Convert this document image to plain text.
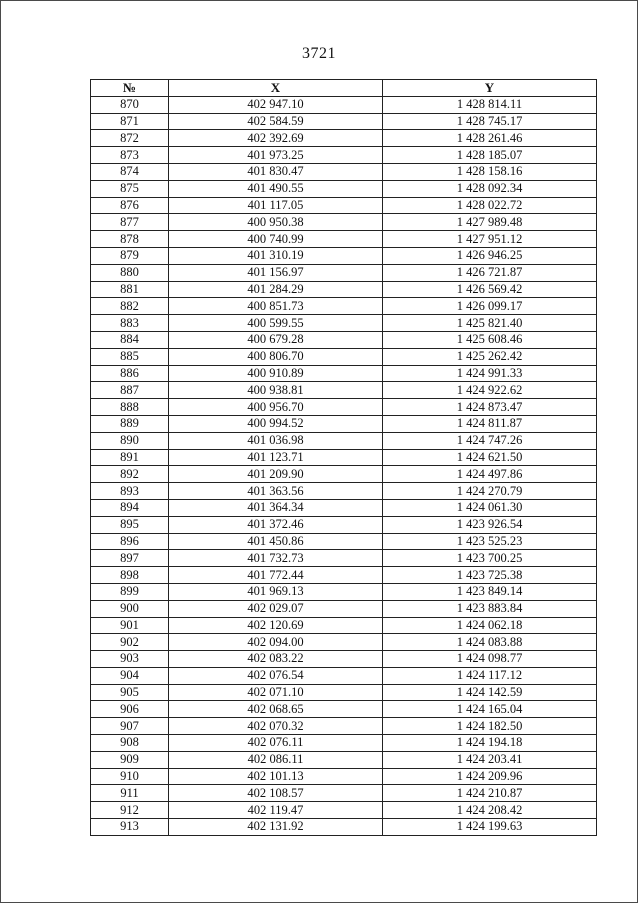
3721
№	X	Y
870	402 947.10	1 428 814.11
871	402 584.59	1 428 745.17
872	402 392.69	1 428 261.46
873	401 973.25	1 428 185.07
874	401 830.47	1 428 158.16
875	401 490.55	1 428 092.34
876	401 117.05	1 428 022.72
877	400 950.38	1 427 989.48
878	400 740.99	1 427 951.12
879	401 310.19	1 426 946.25
880	401 156.97	1 426 721.87
881	401 284.29	1 426 569.42
882	400 851.73	1 426 099.17
883	400 599.55	1 425 821.40
884	400 679.28	1 425 608.46
885	400 806.70	1 425 262.42
886	400 910.89	1 424 991.33
887	400 938.81	1 424 922.62
888	400 956.70	1 424 873.47
889	400 994.52	1 424 811.87
890	401 036.98	1 424 747.26
891	401 123.71	1 424 621.50
892	401 209.90	1 424 497.86
893	401 363.56	1 424 270.79
894	401 364.34	1 424 061.30
895	401 372.46	1 423 926.54
896	401 450.86	1 423 525.23
897	401 732.73	1 423 700.25
898	401 772.44	1 423 725.38
899	401 969.13	1 423 849.14
900	402 029.07	1 423 883.84
901	402 120.69	1 424 062.18
902	402 094.00	1 424 083.88
903	402 083.22	1 424 098.77
904	402 076.54	1 424 117.12
905	402 071.10	1 424 142.59
906	402 068.65	1 424 165.04
907	402 070.32	1 424 182.50
908	402 076.11	1 424 194.18
909	402 086.11	1 424 203.41
910	402 101.13	1 424 209.96
911	402 108.57	1 424 210.87
912	402 119.47	1 424 208.42
913	402 131.92	1 424 199.63
